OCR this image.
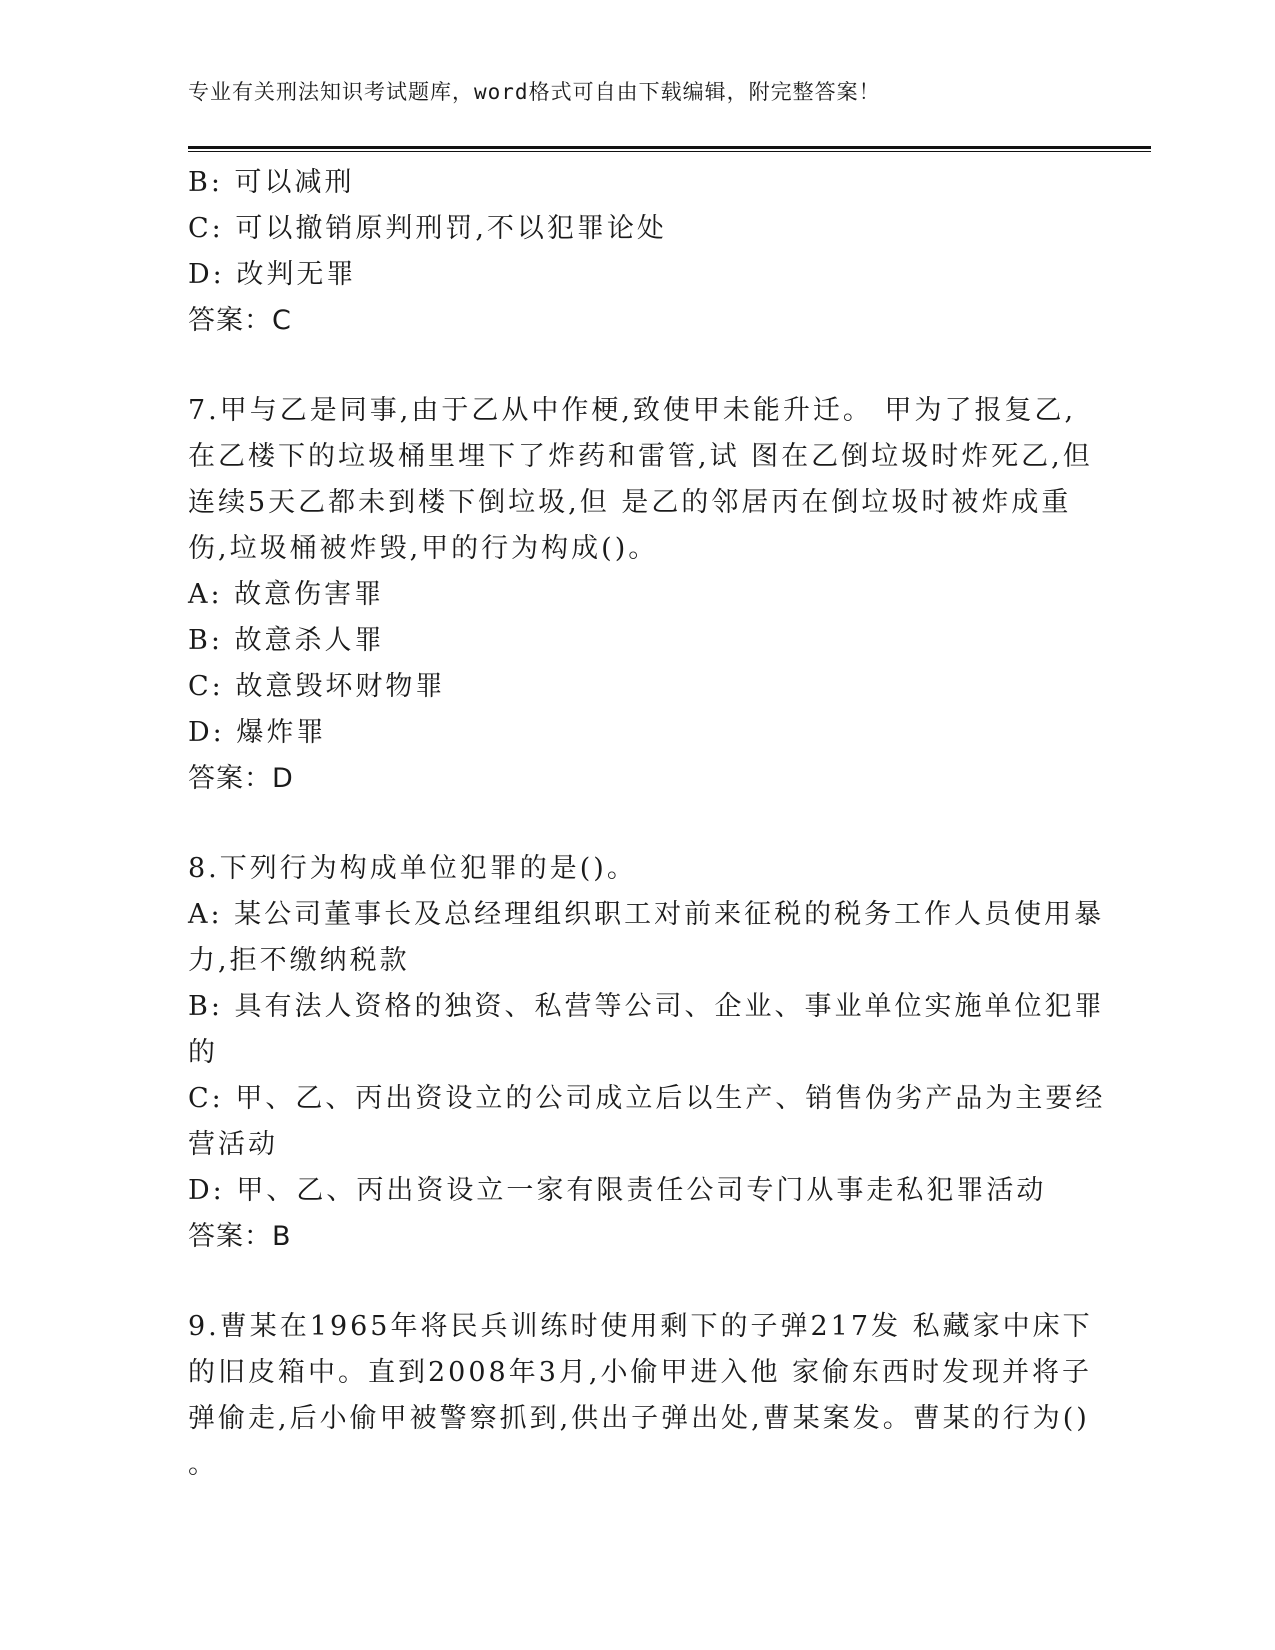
专业有关刑法知识考试题库，word格式可自由下载编辑，附完整答案！
B: 可以减刑
C: 可以撤销原判刑罚,不以犯罪论处
D: 改判无罪
答案：C
7.甲与乙是同事,由于乙从中作梗,致使甲未能升迁。 甲为了报复乙,
在乙楼下的垃圾桶里埋下了炸药和雷管,试 图在乙倒垃圾时炸死乙,但
连续5天乙都未到楼下倒垃圾,但 是乙的邻居丙在倒垃圾时被炸成重
伤,垃圾桶被炸毁,甲的行为构成()。
A: 故意伤害罪
B: 故意杀人罪
C: 故意毁坏财物罪
D: 爆炸罪
答案：D
8.下列行为构成单位犯罪的是()。
A: 某公司董事长及总经理组织职工对前来征税的税务工作人员使用暴
力,拒不缴纳税款
B: 具有法人资格的独资、私营等公司、企业、事业单位实施单位犯罪
的
C: 甲、乙、丙出资设立的公司成立后以生产、销售伪劣产品为主要经
营活动
D: 甲、乙、丙出资设立一家有限责任公司专门从事走私犯罪活动
答案：B
9.曹某在1965年将民兵训练时使用剩下的子弹217发 私藏家中床下
的旧皮箱中。直到2008年3月,小偷甲进入他 家偷东西时发现并将子
弹偷走,后小偷甲被警察抓到,供出子弹出处,曹某案发。曹某的行为()
。
